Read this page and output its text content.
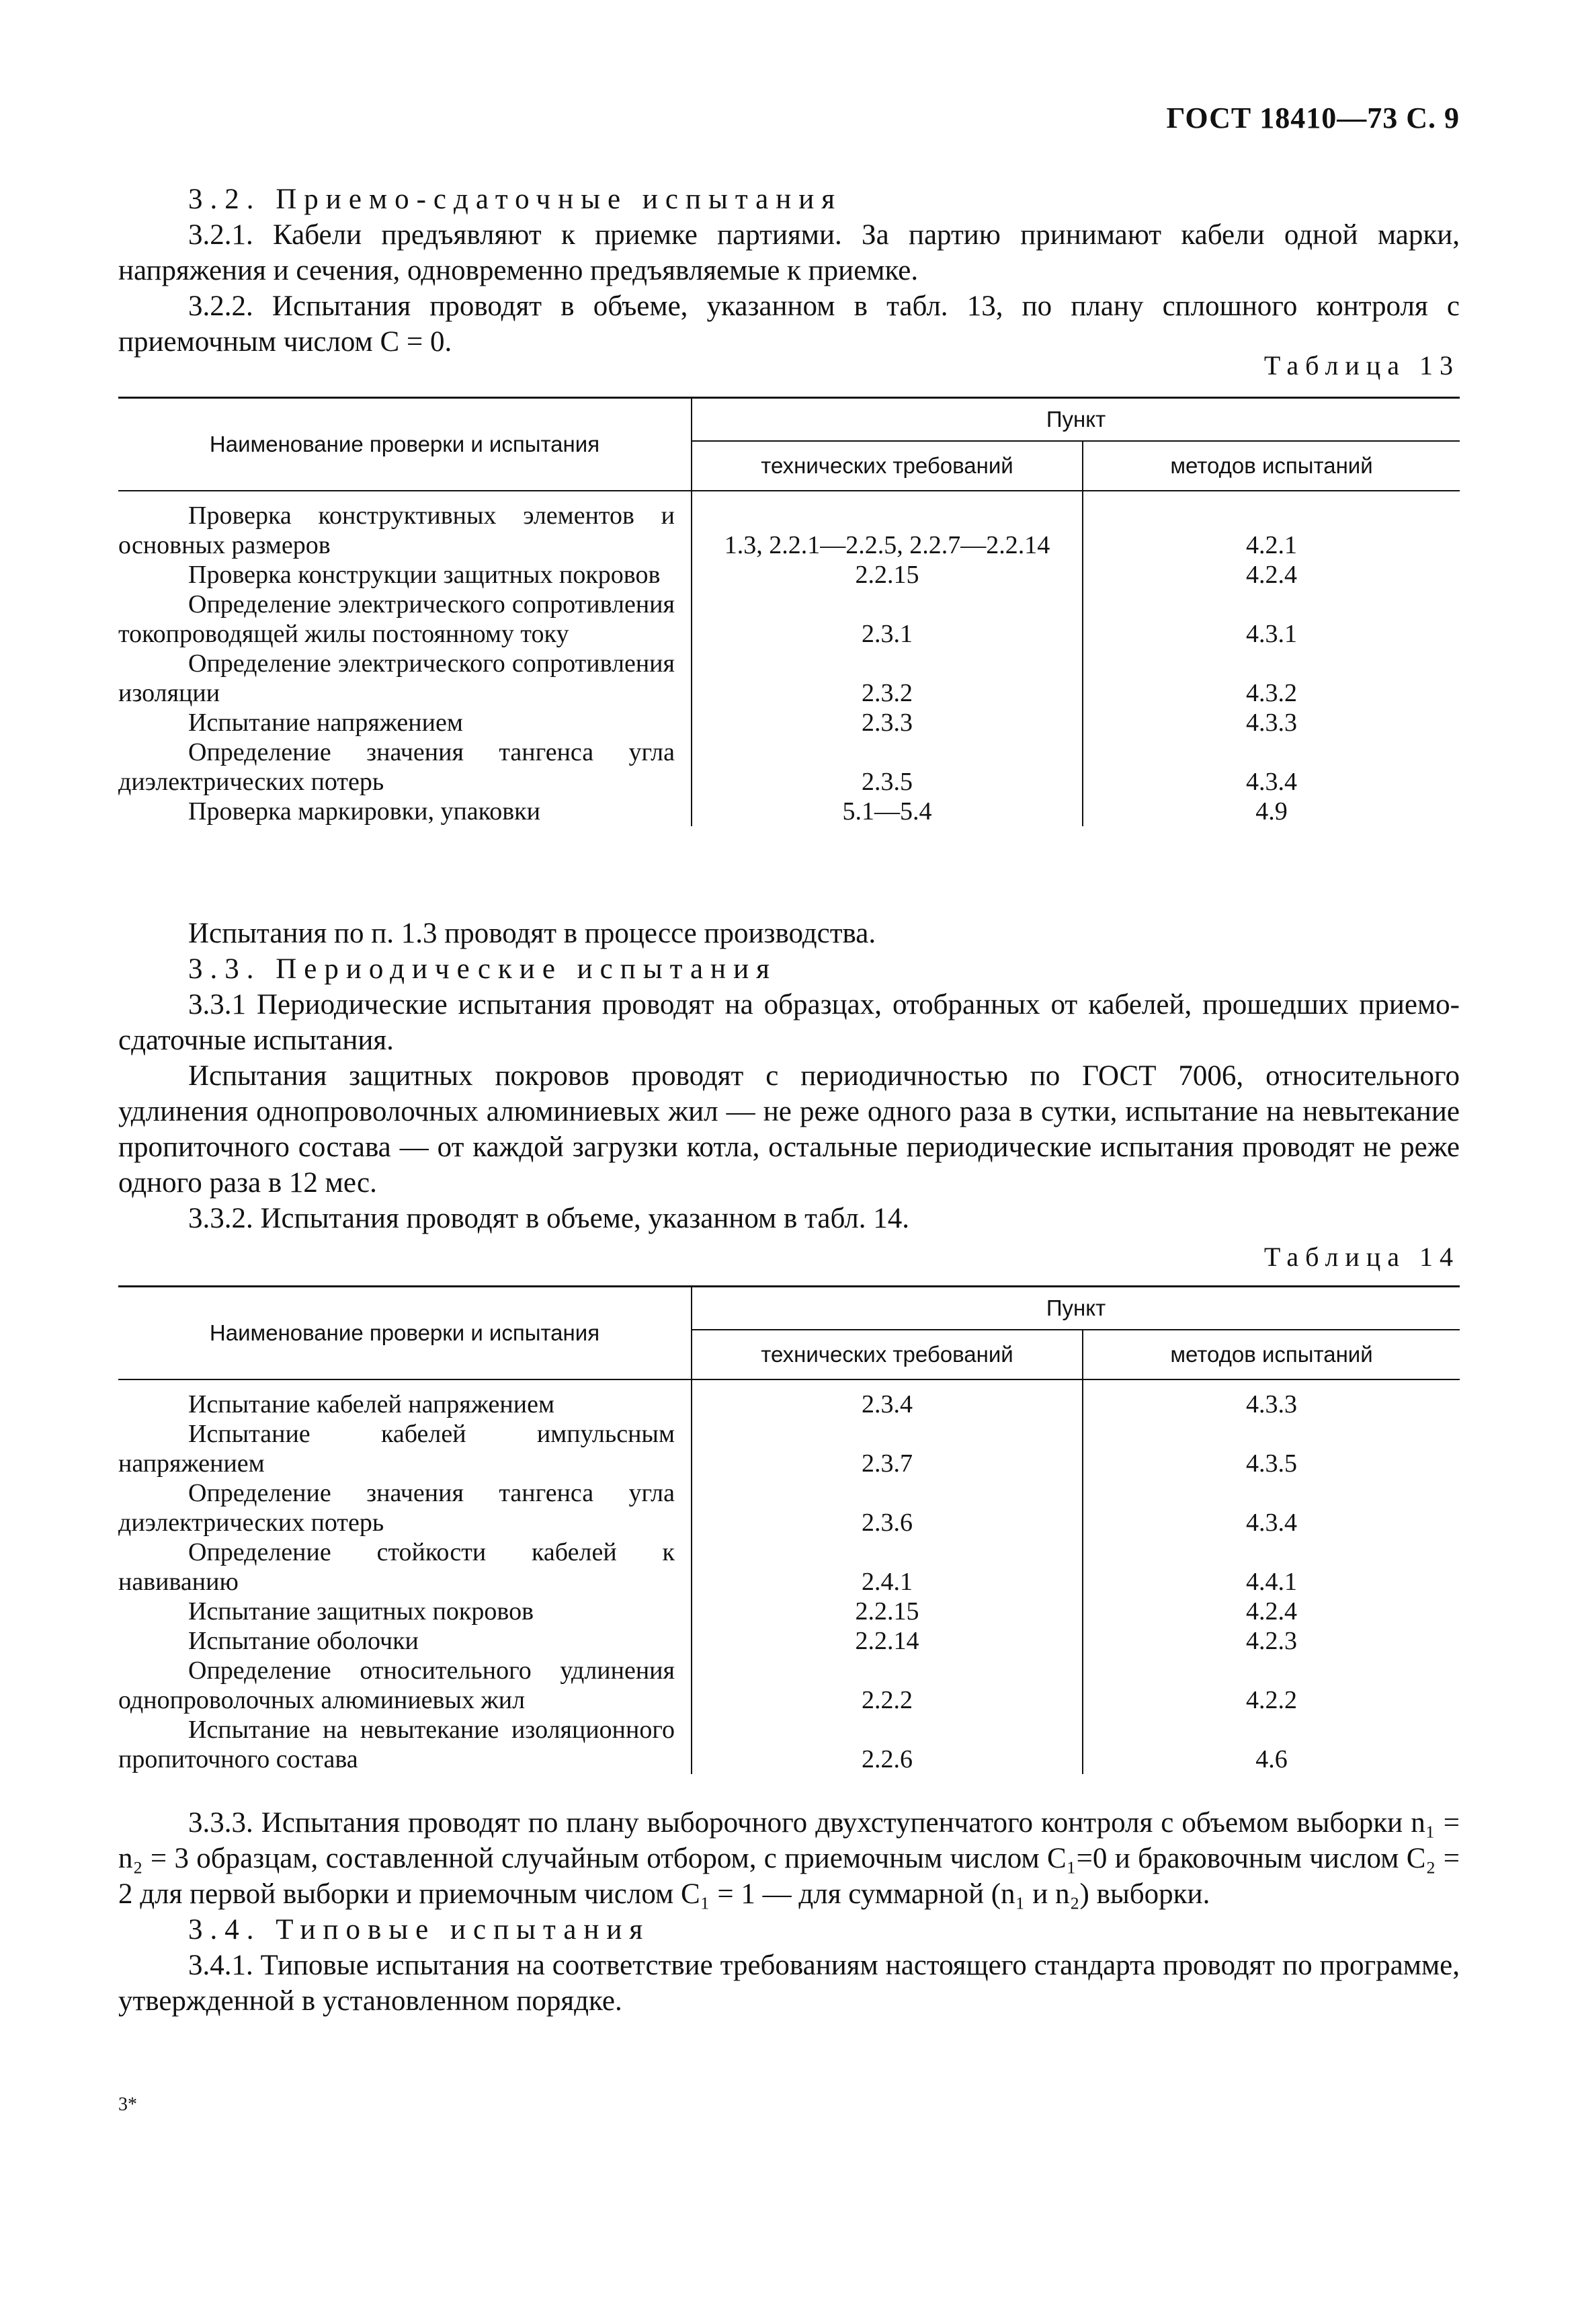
ГОСТ 18410—73 С. 9

3.2. Приемо-сдаточные испытания

3.2.1. Кабели предъявляют к приемке партиями. За партию принимают кабели одной марки, напряжения и сечения, одновременно предъявляемые к приемке.

3.2.2. Испытания проводят в объеме, указанном в табл. 13, по плану сплошного контроля с приемочным числом C = 0.

Таблица 13
Наименование проверки и испытания	Пункт	
	технических требований	методов испытаний

Проверка конструктивных элементов и основных размеров	1.3, 2.2.1—2.2.5, 2.2.7—2.2.14	4.2.1

Проверка конструкции защитных покровов	2.2.15	4.2.4

Определение электрического сопротивления токопроводящей жилы постоянному току	2.3.1	4.3.1

Определение электрического сопротивления изоляции	2.3.2	4.3.2

Испытание напряжением	2.3.3	4.3.3

Определение значения тангенса угла диэлектрических потерь	2.3.5	4.3.4

Проверка маркировки, упаковки	5.1—5.4	4.9

Испытания по п. 1.3 проводят в процессе производства.

3.3. Периодические испытания

3.3.1 Периодические испытания проводят на образцах, отобранных от кабелей, прошедших приемо-сдаточные испытания.

Испытания защитных покровов проводят с периодичностью по ГОСТ 7006, относительного удлинения однопроволочных алюминиевых жил — не реже одного раза в сутки, испытание на невытекание пропиточного состава — от каждой загрузки котла, остальные периодические испытания проводят не реже одного раза в 12 мес.

3.3.2. Испытания проводят в объеме, указанном в табл. 14.

Таблица 14
Наименование проверки и испытания	Пункт	
	технических требований	методов испытаний

Испытание кабелей напряжением	2.3.4	4.3.3

Испытание кабелей импульсным напряжением	2.3.7	4.3.5

Определение значения тангенса угла диэлектрических потерь	2.3.6	4.3.4

Определение стойкости кабелей к навиванию	2.4.1	4.4.1

Испытание защитных покровов	2.2.15	4.2.4

Испытание оболочки	2.2.14	4.2.3

Определение относительного удлинения однопроволочных алюминиевых жил	2.2.2	4.2.2

Испытание на невытекание изоляционного пропиточного состава	2.2.6	4.6

3.3.3. Испытания проводят по плану выборочного двухступенчатого контроля с объемом выборки n₁ = n₂ = 3 образцам, составленной случайным отбором, с приемочным числом C₁=0 и браковочным числом C₂ = 2 для первой выборки и приемочным числом C₁ = 1 — для суммарной (n₁ и n₂) выборки.

3.4. Типовые испытания

3.4.1. Типовые испытания на соответствие требованиям настоящего стандарта проводят по программе, утвержденной в установленном порядке.

3*
